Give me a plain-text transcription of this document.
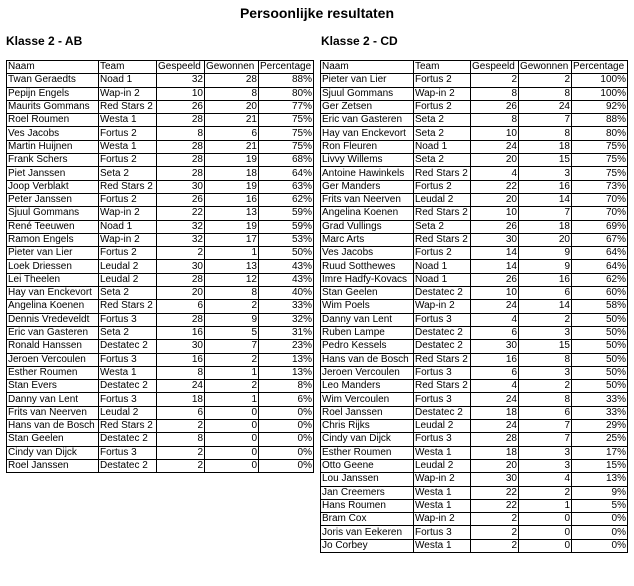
Persoonlijke resultaten
Klasse 2 - AB	Klasse 2 - CD
Naam	Team	Gespeeld	Gewonnen	Percentage
Twan Geraedts	Noad 1	32	28	88%
Pepijn Engels	Wap-in 2	10	8	80%
Maurits Gommans	Red Stars 2	26	20	77%
Roel Roumen	Westa 1	28	21	75%
Ves Jacobs	Fortus 2	8	6	75%
Martin Huijnen	Westa 1	28	21	75%
Frank Schers	Fortus 2	28	19	68%
Piet Janssen	Seta 2	28	18	64%
Joop Verblakt	Red Stars 2	30	19	63%
Peter Janssen	Fortus 2	26	16	62%
Sjuul Gommans	Wap-in 2	22	13	59%
René Teeuwen	Noad 1	32	19	59%
Ramon Engels	Wap-in 2	32	17	53%
Pieter van Lier	Fortus 2	2	1	50%
Loek Driessen	Leudal 2	30	13	43%
Lei Theelen	Leudal 2	28	12	43%
Hay van Enckevort	Seta 2	20	8	40%
Angelina Koenen	Red Stars 2	6	2	33%
Dennis Vredeveldt	Fortus 3	28	9	32%
Eric van Gasteren	Seta 2	16	5	31%
Ronald Hanssen	Destatec 2	30	7	23%
Jeroen Vercoulen	Fortus 3	16	2	13%
Esther Roumen	Westa 1	8	1	13%
Stan Evers	Destatec 2	24	2	8%
Danny van Lent	Fortus 3	18	1	6%
Frits van Neerven	Leudal 2	6	0	0%
Hans van de Bosch	Red Stars 2	2	0	0%
Stan Geelen	Destatec 2	8	0	0%
Cindy van Dijck	Fortus 3	2	0	0%
Roel Janssen	Destatec 2	2	0	0%
Naam	Team	Gespeeld	Gewonnen	Percentage
Pieter van Lier	Fortus 2	2	2	100%
Sjuul Gommans	Wap-in 2	8	8	100%
Ger Zetsen	Fortus 2	26	24	92%
Eric van Gasteren	Seta 2	8	7	88%
Hay van Enckevort	Seta 2	10	8	80%
Ron Fleuren	Noad 1	24	18	75%
Livvy Willems	Seta 2	20	15	75%
Antoine Hawinkels	Red Stars 2	4	3	75%
Ger Manders	Fortus 2	22	16	73%
Frits van Neerven	Leudal 2	20	14	70%
Angelina Koenen	Red Stars 2	10	7	70%
Grad Vullings	Seta 2	26	18	69%
Marc Arts	Red Stars 2	30	20	67%
Ves Jacobs	Fortus 2	14	9	64%
Ruud Sotthewes	Noad 1	14	9	64%
Imre Hadfy-Kovacs	Noad 1	26	16	62%
Stan Geelen	Destatec 2	10	6	60%
Wim Poels	Wap-in 2	24	14	58%
Danny van Lent	Fortus 3	4	2	50%
Ruben Lampe	Destatec 2	6	3	50%
Pedro Kessels	Destatec 2	30	15	50%
Hans van de Bosch	Red Stars 2	16	8	50%
Jeroen Vercoulen	Fortus 3	6	3	50%
Leo Manders	Red Stars 2	4	2	50%
Wim Vercoulen	Fortus 3	24	8	33%
Roel Janssen	Destatec 2	18	6	33%
Chris Rijks	Leudal 2	24	7	29%
Cindy van Dijck	Fortus 3	28	7	25%
Esther Roumen	Westa 1	18	3	17%
Otto Geene	Leudal 2	20	3	15%
Lou Janssen	Wap-in 2	30	4	13%
Jan Creemers	Westa 1	22	2	9%
Hans Roumen	Westa 1	22	1	5%
Bram Cox	Wap-in 2	2	0	0%
Joris van Eekeren	Fortus 3	2	0	0%
Jo Corbey	Westa 1	2	0	0%
